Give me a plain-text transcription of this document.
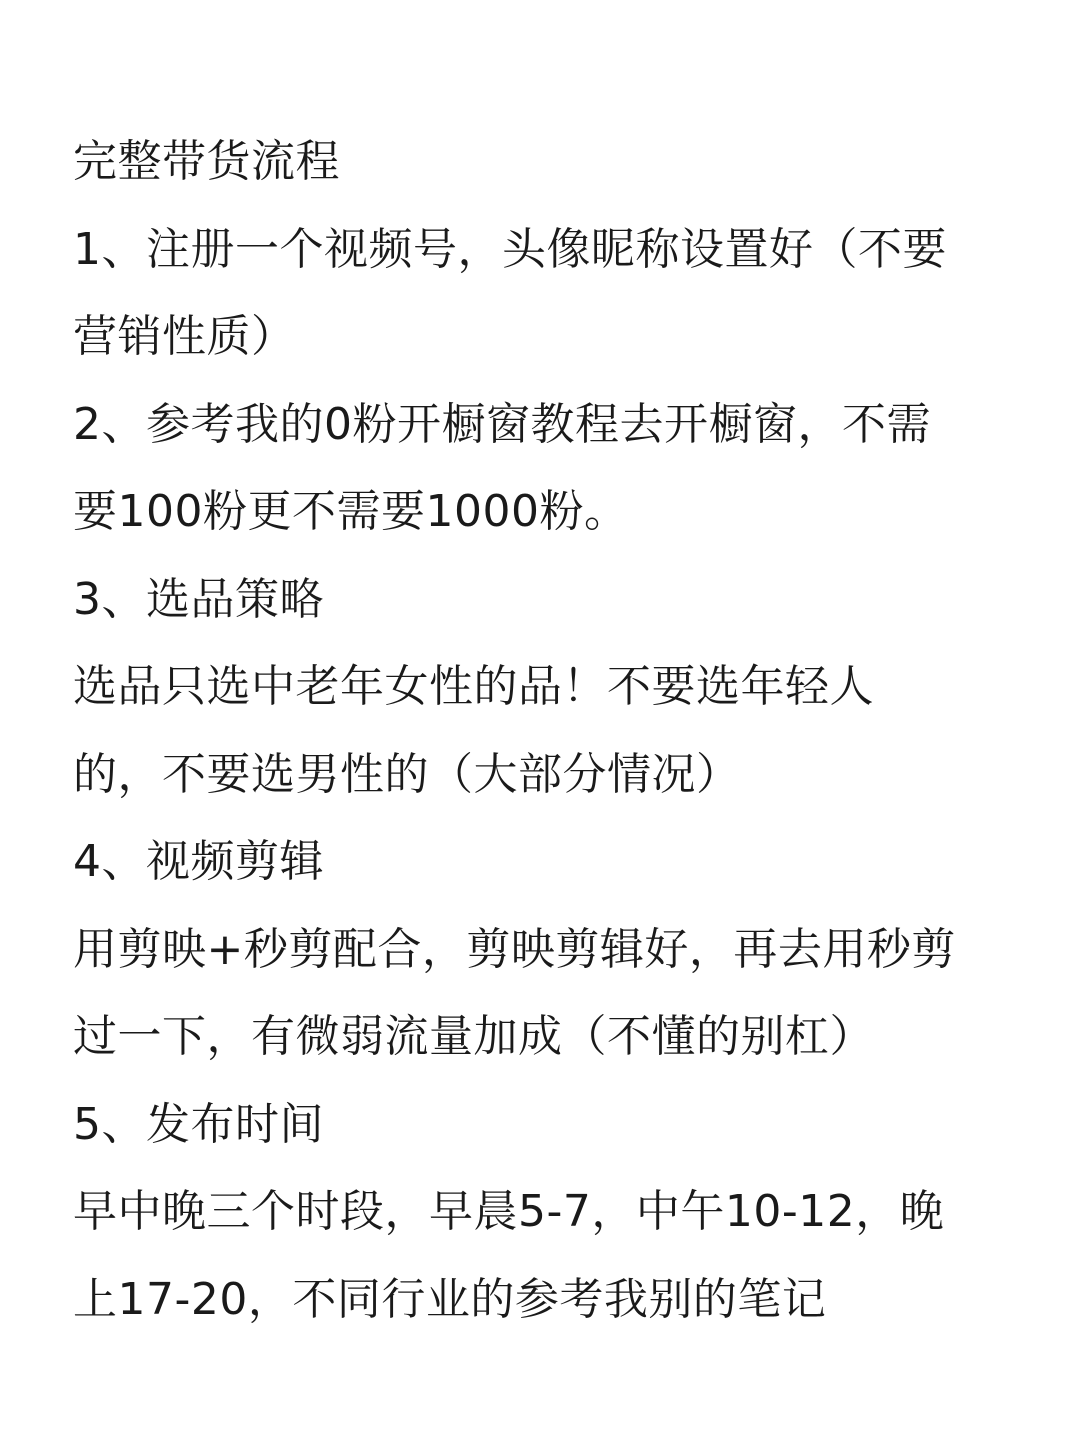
完整带货流程
1、注册一个视频号，头像昵称设置好（不要
营销性质）
2、参考我的0粉开橱窗教程去开橱窗，不需
要100粉更不需要1000粉。
3、选品策略
选品只选中老年女性的品！不要选年轻人
的，不要选男性的（大部分情况）
4、视频剪辑
用剪映+秒剪配合，剪映剪辑好，再去用秒剪
过一下，有微弱流量加成（不懂的别杠）
5、发布时间
早中晚三个时段，早晨5-7，中午10-12，晚
上17-20，不同行业的参考我别的笔记
